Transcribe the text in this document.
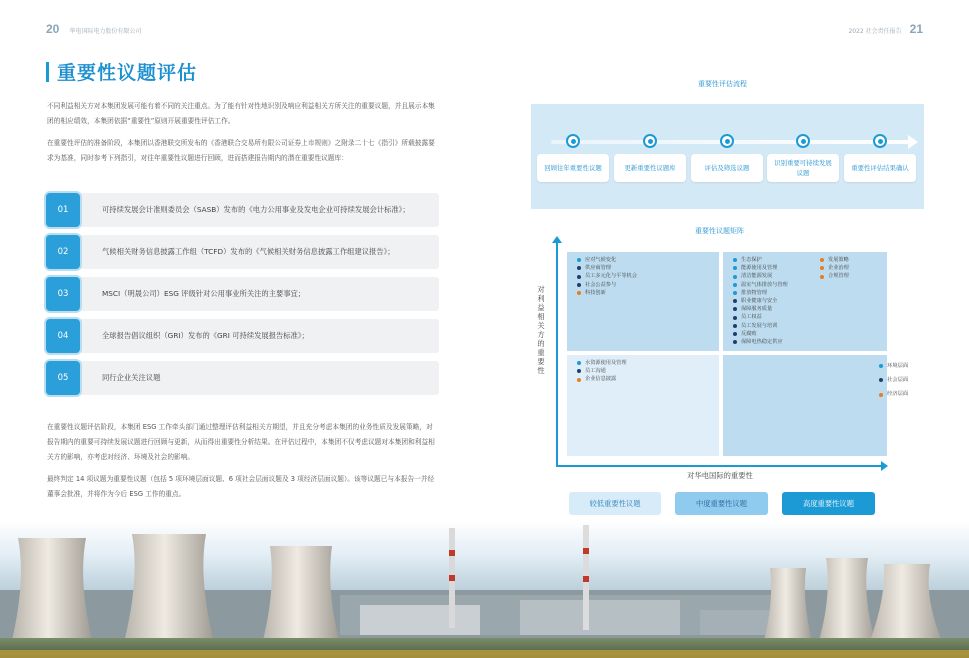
20 华电国际电力股份有限公司	2022 社会责任报告 21
重要性议题评估

不同利益相关方对本集团发展可能有着不同的关注重点。为了能有针对性地识别及响应利益相关方所关注的重要议题，并且展示本集团的相应绩效，本集团依据“重要性”原则开展重要性评估工作。

在重要性评估的准备阶段，本集团以香港联交所发布的《香港联合交易所有限公司证券上市规则》之附录二十七《指引》所载披露要求为基准，同时参考下列指引，对往年重要性议题进行回顾，进而搭建报告期内的潜在重要性议题库：

01	可持续发展会计准则委员会（SASB）发布的《电力公用事业及发电企业可持续发展会计标准》；
02	气候相关财务信息披露工作组（TCFD）发布的《气候相关财务信息披露工作组建议报告》；
03	MSCI（明晟公司）ESG 评级针对公用事业所关注的主要事宜；
04	全球报告倡议组织（GRI）发布的《GRI 可持续发展报告标准》；
05	同行企业关注议题

在重要性议题评估阶段，本集团 ESG 工作牵头部门通过整理评估利益相关方期望，并且充分考虑本集团的业务性质及发展策略，对报告期内的重要可持续发展议题进行回顾与更新，从而得出重要性分析结果。在评估过程中，本集团不仅考虑议题对本集团和利益相关方的影响，亦考虑对经济、环境及社会的影响。

最终判定 14 项议题为重要性议题（包括 5 项环境层面议题、6 项社会层面议题及 3 项经济层面议题）。该等议题已与本报告一并经董事会批准，并将作为今后 ESG 工作的重点。

重要性评估流程
回顾往年重要性议题	更新重要性议题库	评估及筛选议题
识别重要可持续发展议题
重要性评估结果确认
重要性议题矩阵
对利益相关方的重要性
对华电国际的重要性
应对气候变化
供应商管理
员工多元化与平等机会
社会公益参与
科技创新
生态保护
能源使用及管理
清洁能源发展
温室气体排放与管理
排放物管理
职业健康与安全
保障服务质量
员工权益
员工发展与培训
反腐败
保障电热稳定供应
发展策略
企业治理
合规管理
水资源使用及管理
员工沟通
企业信息披露
环境层面
社会层面
经济层面
较低重要性议题	中度重要性议题	高度重要性议题
